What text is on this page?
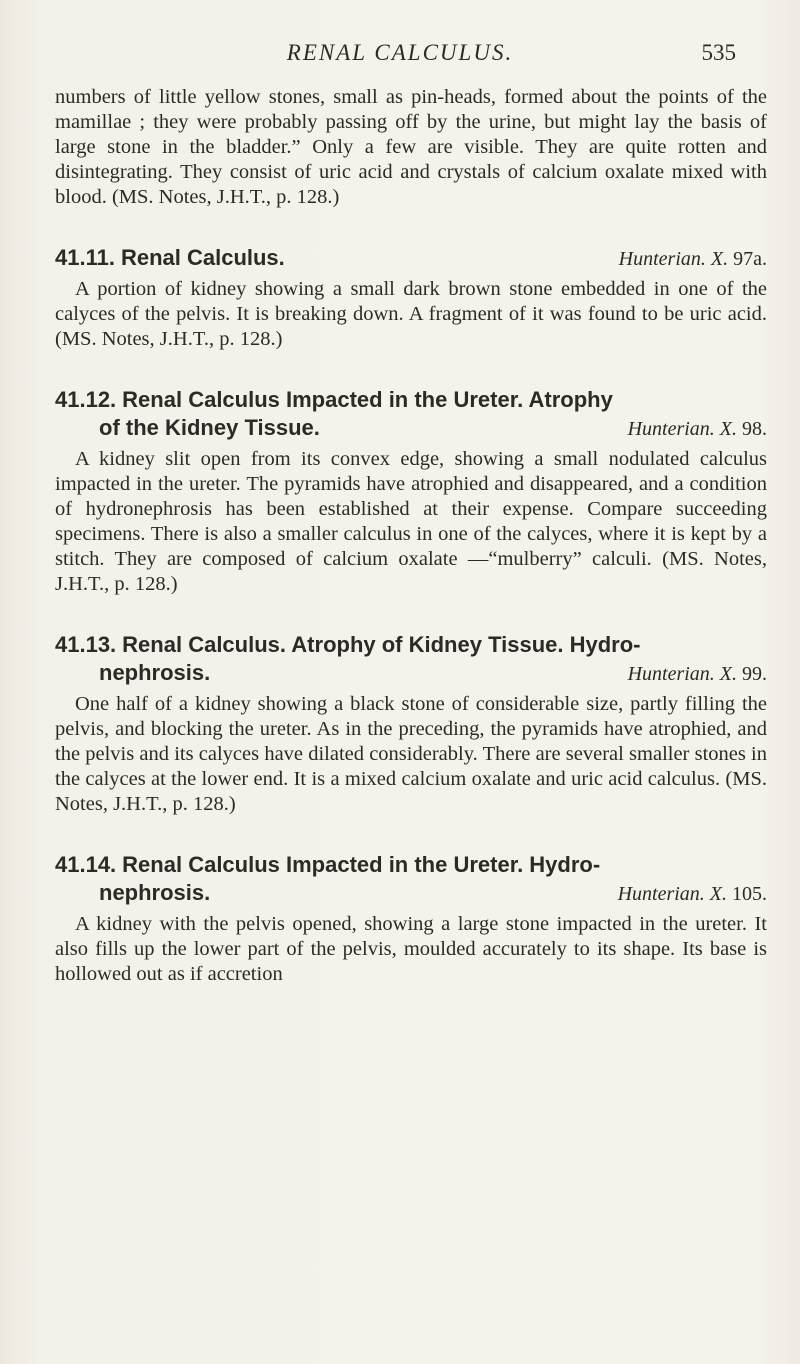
RENAL CALCULUS.	535

numbers of little yellow stones, small as pin-heads, formed about the points of the mamillae ; they were probably passing off by the urine, but might lay the basis of large stone in the bladder.” Only a few are visible. They are quite rotten and disintegrating. They consist of uric acid and crystals of calcium oxalate mixed with blood. (MS. Notes, J.H.T., p. 128.)

41.11. Renal Calculus.	Hunterian. X. 97a.

A portion of kidney showing a small dark brown stone embedded in one of the calyces of the pelvis. It is breaking down. A fragment of it was found to be uric acid. (MS. Notes, J.H.T., p. 128.)

41.12. Renal Calculus Impacted in the Ureter. Atrophy
of the Kidney Tissue.	Hunterian. X. 98.

A kidney slit open from its convex edge, showing a small nodulated calculus impacted in the ureter. The pyramids have atrophied and disappeared, and a condition of hydronephrosis has been established at their expense. Compare succeeding specimens. There is also a smaller calculus in one of the calyces, where it is kept by a stitch. They are composed of calcium oxalate —“mulberry” calculi. (MS. Notes, J.H.T., p. 128.)

41.13. Renal Calculus. Atrophy of Kidney Tissue. Hydro-
nephrosis.	Hunterian. X. 99.

One half of a kidney showing a black stone of considerable size, partly filling the pelvis, and blocking the ureter. As in the preceding, the pyramids have atrophied, and the pelvis and its calyces have dilated considerably. There are several smaller stones in the calyces at the lower end. It is a mixed calcium oxalate and uric acid calculus. (MS. Notes, J.H.T., p. 128.)

41.14. Renal Calculus Impacted in the Ureter. Hydro-
nephrosis.	Hunterian. X. 105.

A kidney with the pelvis opened, showing a large stone impacted in the ureter. It also fills up the lower part of the pelvis, moulded accurately to its shape. Its base is hollowed out as if accretion
